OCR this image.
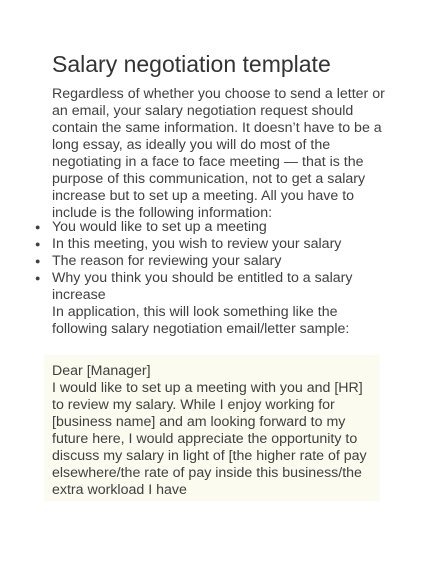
Salary negotiation template

Regardless of whether you choose to send a letter or an email, your salary negotiation request should contain the same information. It doesn’t have to be a long essay, as ideally you will do most of the negotiating in a face to face meeting — that is the purpose of this communication, not to get a salary increase but to set up a meeting. All you have to include is the following information:

● You would like to set up a meeting
● In this meeting, you wish to review your salary
● The reason for reviewing your salary
● Why you think you should be entitled to a salary increase

In application, this will look something like the following salary negotiation email/letter sample:

Dear [Manager]
I would like to set up a meeting with you and [HR] to review my salary. While I enjoy working for [business name] and am looking forward to my future here, I would appreciate the opportunity to discuss my salary in light of [the higher rate of pay elsewhere/the rate of pay inside this business/the extra workload I have
